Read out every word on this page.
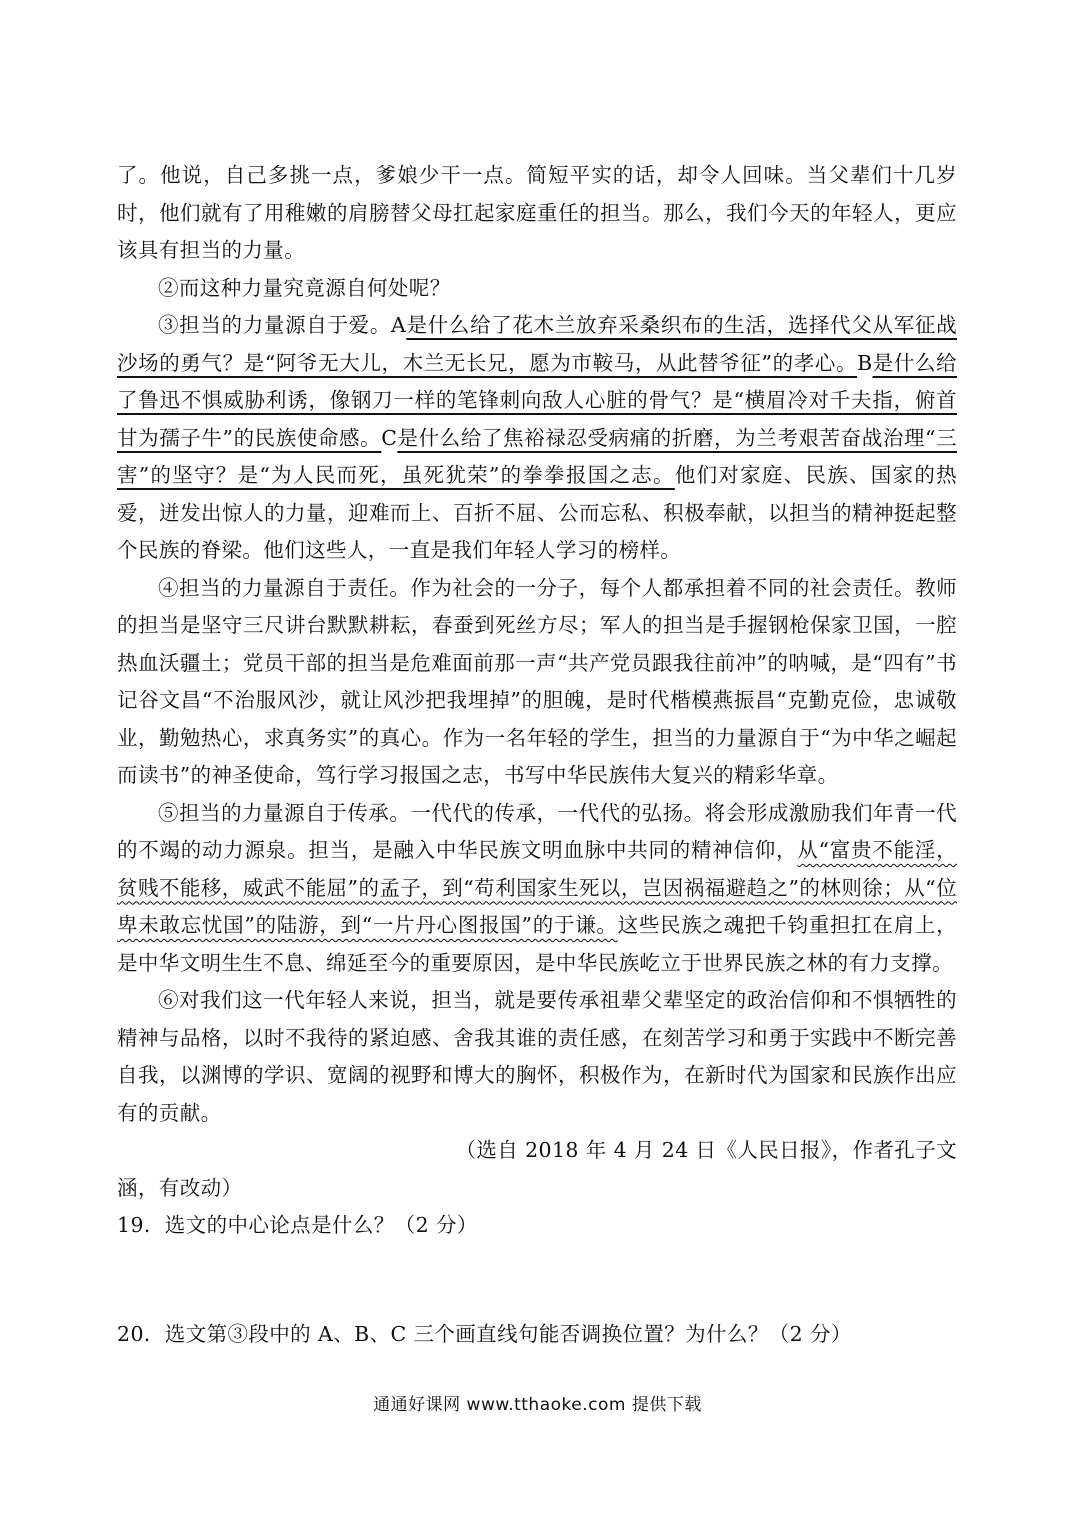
了。他说，自己多挑一点，爹娘少干一点。简短平实的话，却令人回味。当父辈们十几岁时，他们就有了用稚嫩的肩膀替父母扛起家庭重任的担当。那么，我们今天的年轻人，更应该具有担当的力量。

②而这种力量究竟源自何处呢？

③担当的力量源自于爱。A是什么给了花木兰放弃采桑织布的生活，选择代父从军征战沙场的勇气？是“阿爷无大儿，木兰无长兄，愿为市鞍马，从此替爷征”的孝心。B是什么给了鲁迅不惧威胁利诱，像钢刀一样的笔锋刺向敌人心脏的骨气？是“横眉冷对千夫指，俯首甘为孺子牛”的民族使命感。C是什么给了焦裕禄忍受病痛的折磨，为兰考艰苦奋战治理“三害”的坚守？是“为人民而死，虽死犹荣”的拳拳报国之志。他们对家庭、民族、国家的热爱，迸发出惊人的力量，迎难而上、百折不屈、公而忘私、积极奉献，以担当的精神挺起整个民族的脊梁。他们这些人，一直是我们年轻人学习的榜样。

④担当的力量源自于责任。作为社会的一分子，每个人都承担着不同的社会责任。教师的担当是坚守三尺讲台默默耕耘，春蚕到死丝方尽；军人的担当是手握钢枪保家卫国，一腔热血沃疆土；党员干部的担当是危难面前那一声“共产党员跟我往前冲”的呐喊，是“四有”书记谷文昌“不治服风沙，就让风沙把我埋掉”的胆魄，是时代楷模燕振昌“克勤克俭，忠诚敬业，勤勉热心，求真务实”的真心。作为一名年轻的学生，担当的力量源自于“为中华之崛起而读书”的神圣使命，笃行学习报国之志，书写中华民族伟大复兴的精彩华章。

⑤担当的力量源自于传承。一代代的传承，一代代的弘扬。将会形成激励我们年青一代的不竭的动力源泉。担当，是融入中华民族文明血脉中共同的精神信仰，从“富贵不能淫，贫贱不能移，威武不能屈”的孟子，到“苟利国家生死以，岂因祸福避趋之”的林则徐；从“位卑未敢忘忧国”的陆游，到“一片丹心图报国”的于谦。这些民族之魂把千钧重担扛在肩上，是中华文明生生不息、绵延至今的重要原因，是中华民族屹立于世界民族之林的有力支撑。

⑥对我们这一代年轻人来说，担当，就是要传承祖辈父辈坚定的政治信仰和不惧牺牲的精神与品格，以时不我待的紧迫感、舍我其谁的责任感，在刻苦学习和勇于实践中不断完善自我，以渊博的学识、宽阔的视野和博大的胸怀，积极作为，在新时代为国家和民族作出应有的贡献。

（选自 2018 年 4 月 24 日《人民日报》，作者孔子文

涵，有改动）

19．选文的中心论点是什么？（2 分）

20．选文第③段中的 A、B、C 三个画直线句能否调换位置？为什么？（2 分）

通通好课网 www.tthaoke.com 提供下载
